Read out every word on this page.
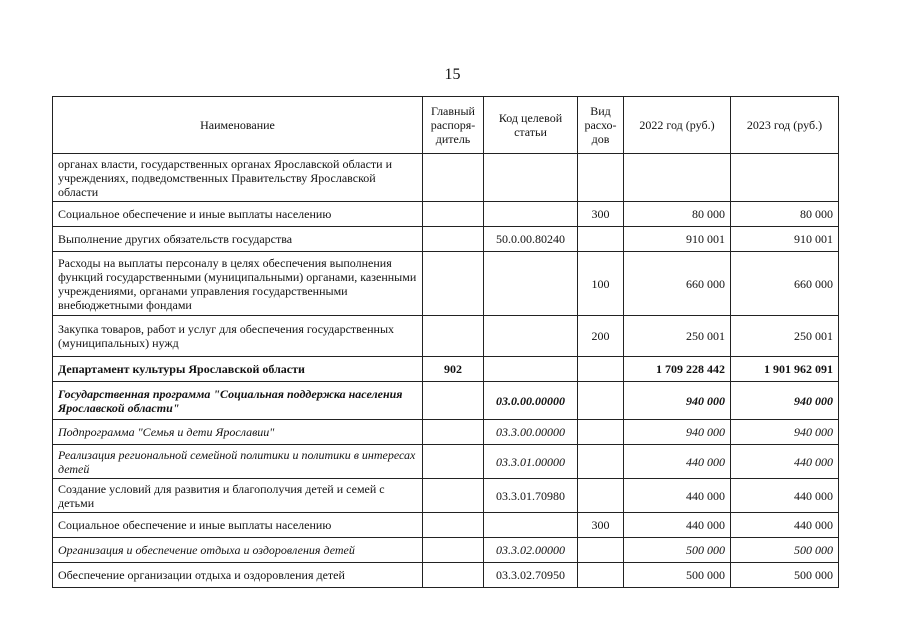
15
Наименование	Главный распоря-дитель	Код целевой статьи	Вид расхо-дов	2022 год (руб.)	2023 год (руб.)
органах власти, государственных органах Ярославской области и учреждениях, подведомственных Правительству Ярославской области					
Социальное обеспечение и иные выплаты населению			300	80 000	80 000
Выполнение других обязательств государства		50.0.00.80240		910 001	910 001
Расходы на выплаты персоналу в целях обеспечения выполнения функций государственными (муниципальными) органами, казенными учреждениями, органами управления государственными внебюджетными фондами			100	660 000	660 000
Закупка товаров, работ и услуг для обеспечения государственных (муниципальных) нужд			200	250 001	250 001
Департамент культуры Ярославской области	902			1 709 228 442	1 901 962 091
Государственная программа "Социальная поддержка населения Ярославской области"		03.0.00.00000		940 000	940 000
Подпрограмма "Семья и дети Ярославии"		03.3.00.00000		940 000	940 000
Реализация региональной семейной политики и политики в интересах детей		03.3.01.00000		440 000	440 000
Создание условий для развития и благополучия детей и семей с детьми		03.3.01.70980		440 000	440 000
Социальное обеспечение и иные выплаты населению			300	440 000	440 000
Организация и обеспечение отдыха и оздоровления детей		03.3.02.00000		500 000	500 000
Обеспечение организации отдыха и оздоровления детей		03.3.02.70950		500 000	500 000
